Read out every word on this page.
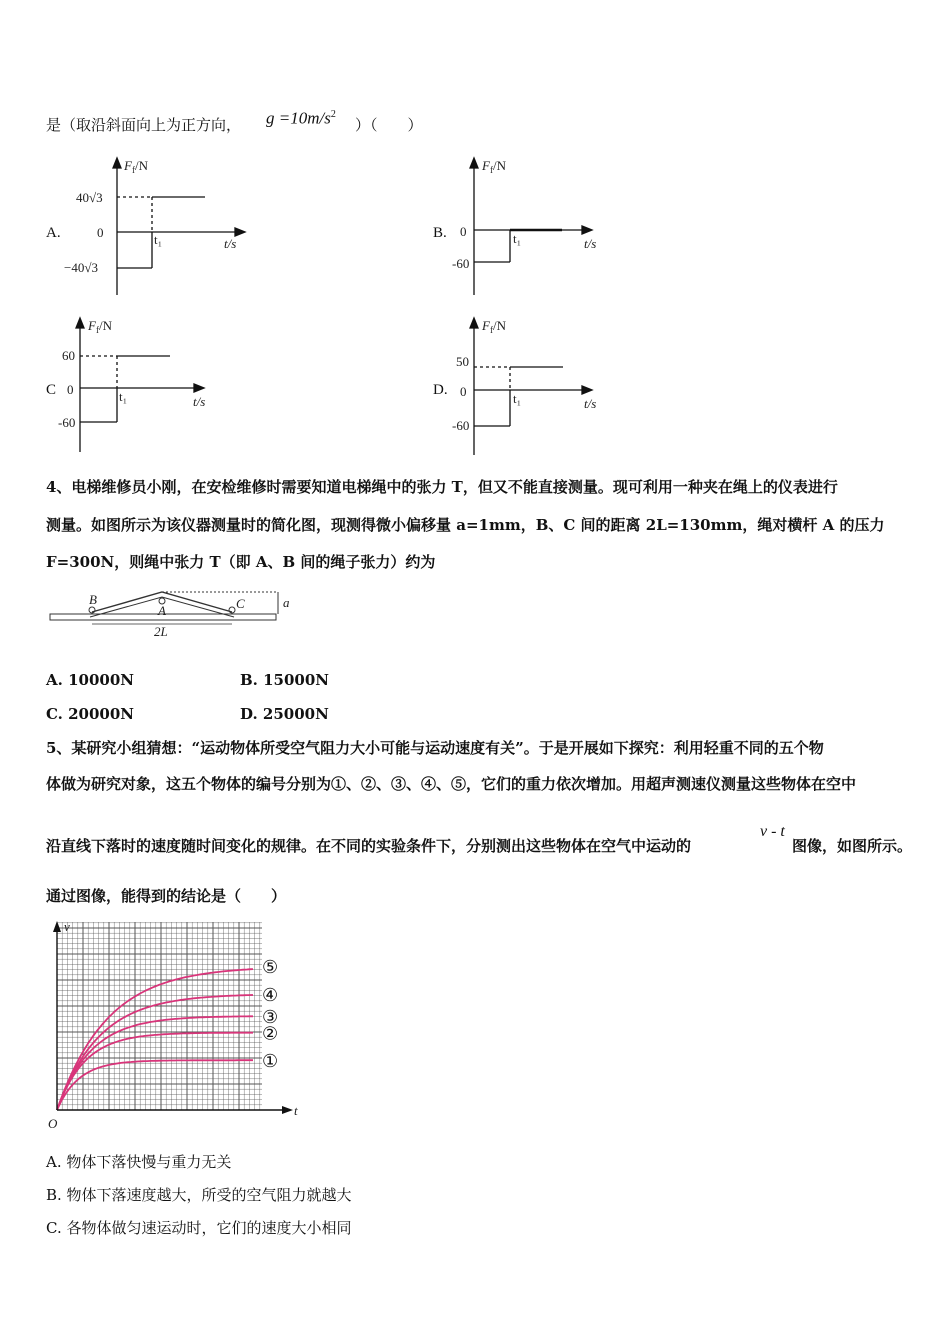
是（取沿斜面向上为正方向， $g =10m/s^2$
）（　　）
A.
$F_f/N$
40√3
0
−40√3
t₁	t/s
B.
$F_f/N$
0
-60
t₁	t/s
C
$F_f/N$
60
0
-60
t₁	t/s
D.
$F_f/N$
50
0
-60
t₁	t/s
4、电梯维修员小刚，在安检维修时需要知道电梯绳中的张力 T，但又不能直接测量。现可利用一种夹在绳上的仪表进行
测量。如图所示为该仪器测量时的简化图，现测得微小偏移量 a=1mm，B、C 间的距离 2L=130mm，绳对横杆 A 的压力
F=300N，则绳中张力 T（即 A、B 间的绳子张力）约为
B
A	C	a
2L
A. 10000N	B. 15000N
C. 20000N	D. 25000N
5、某研究小组猜想：“运动物体所受空气阻力大小可能与运动速度有关”。于是开展如下探究：利用轻重不同的五个物
体做为研究对象，这五个物体的编号分别为①、②、③、④、⑤，它们的重力依次增加。用超声测速仪测量这些物体在空中
沿直线下落时的速度随时间变化的规律。在不同的实验条件下，分别测出这些物体在空气中运动的
v - t
图像，如图所示。
通过图像，能得到的结论是（　　）
v
t
O
①
②
③
④
⑤
A. 物体下落快慢与重力无关
B. 物体下落速度越大，所受的空气阻力就越大
C. 各物体做匀速运动时，它们的速度大小相同
